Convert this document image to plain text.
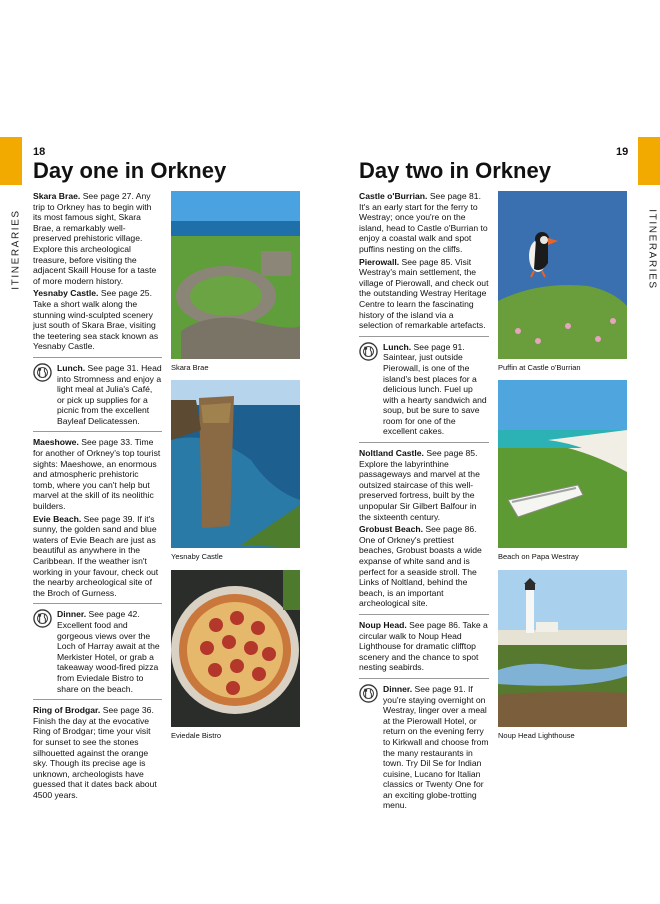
ITINERARIES	ITINERARIES
18	19
Day one in Orkney	Day two in Orkney

Skara Brae. See page 27. Any trip to Orkney has to begin with its most famous sight, Skara Brae, a remarkably well-preserved prehistoric village. Explore this archeological treasure, before visiting the adjacent Skaill House for a taste of more modern history.

Yesnaby Castle. See page 25. Take a short walk along the stunning wind-sculpted scenery just south of Skara Brae, visiting the teetering sea stack known as Yesnaby Castle.

Lunch. See page 31. Head into Stromness and enjoy a light meal at Julia's Café, or pick up supplies for a picnic from the excellent Bayleaf Delicatessen.

Maeshowe. See page 33. Time for another of Orkney's top tourist sights: Maeshowe, an enormous and atmospheric prehistoric tomb, where you can't help but marvel at the skill of its neolithic builders.

Evie Beach. See page 39. If it's sunny, the golden sand and blue waters of Evie Beach are just as beautiful as anywhere in the Caribbean. If the weather isn't working in your favour, check out the nearby archeological site of the Broch of Gurness.

Dinner. See page 42. Excellent food and gorgeous views over the Loch of Harray await at the Merkister Hotel, or grab a takeaway wood-fired pizza from Eviedale Bistro to share on the beach.

Ring of Brodgar. See page 36. Finish the day at the evocative Ring of Brodgar; time your visit for sunset to see the stones silhouetted against the orange sky. Though its precise age is unknown, archeologists have guessed that it dates back about 4500 years.

Skara Brae
Yesnaby Castle
Eviedale Bistro

Castle o'Burrian. See page 81. It's an early start for the ferry to Westray; once you're on the island, head to Castle o'Burrian to enjoy a coastal walk and spot puffins nesting on the cliffs.

Pierowall. See page 85. Visit Westray's main settlement, the village of Pierowall, and check out the outstanding Westray Heritage Centre to learn the fascinating history of the island via a selection of remarkable artefacts.

Lunch. See page 91. Saintear, just outside Pierowall, is one of the island's best places for a delicious lunch. Fuel up with a hearty sandwich and soup, but be sure to save room for one of the excellent cakes.

Noltland Castle. See page 85. Explore the labyrinthine passageways and marvel at the outsized staircase of this well-preserved fortress, built by the unpopular Sir Gilbert Balfour in the sixteenth century.

Grobust Beach. See page 86. One of Orkney's prettiest beaches, Grobust boasts a wide expanse of white sand and is perfect for a seaside stroll. The Links of Noltland, behind the beach, is an important archeological site.

Noup Head. See page 86. Take a circular walk to Noup Head Lighthouse for dramatic clifftop scenery and the chance to spot nesting seabirds.

Dinner. See page 91. If you're staying overnight on Westray, linger over a meal at the Pierowall Hotel, or return on the evening ferry to Kirkwall and choose from the many restaurants in town. Try Dil Se for Indian cuisine, Lucano for Italian classics or Twenty One for an exciting globe-trotting menu.

Puffin at Castle o'Burrian
Beach on Papa Westray
Noup Head Lighthouse
